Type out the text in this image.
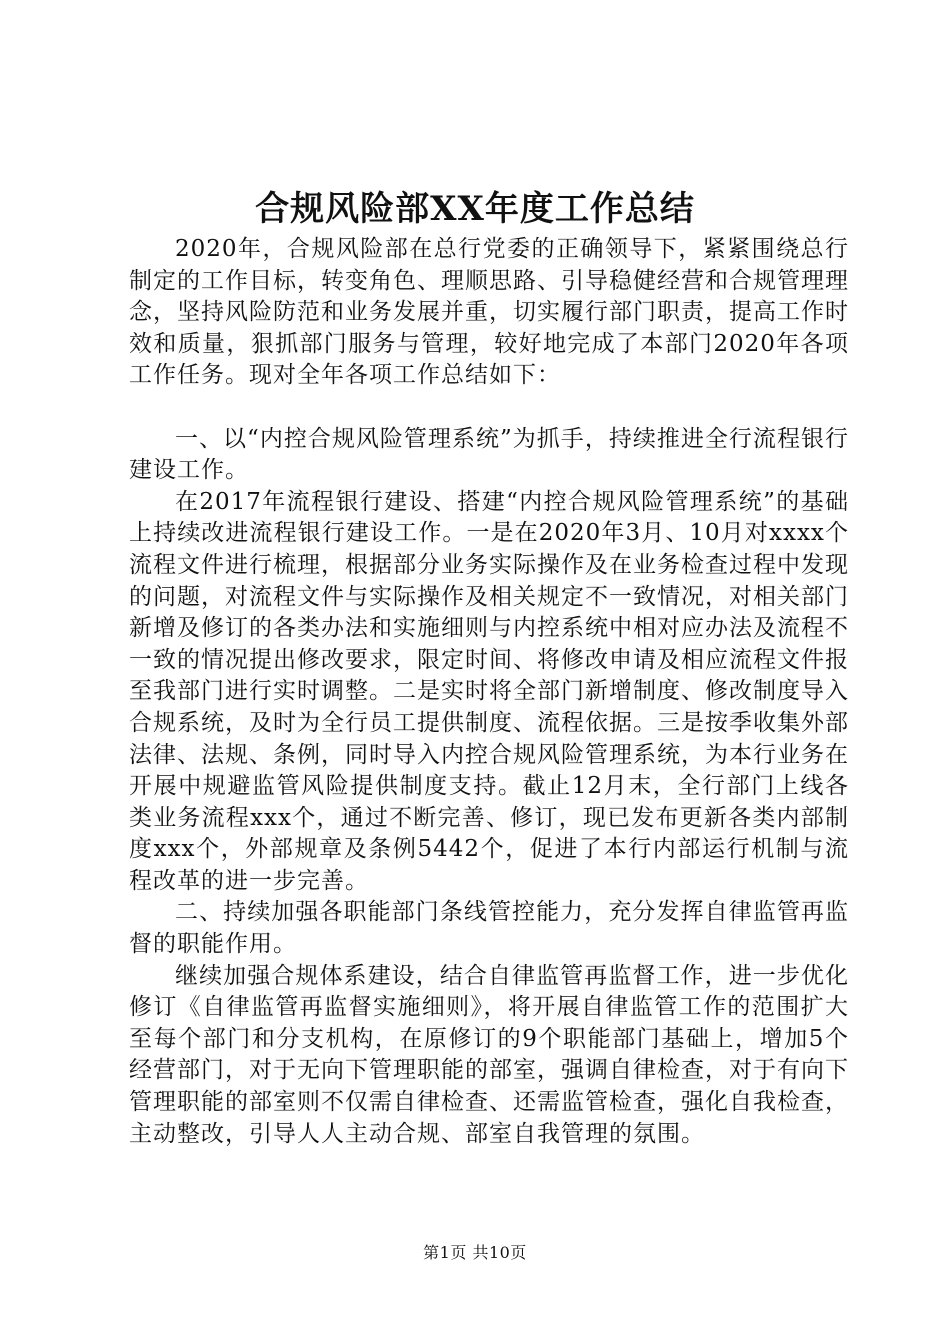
合规风险部XX年度工作总结

2020年，合规风险部在总行党委的正确领导下，紧紧围绕总行制定的工作目标，转变角色、理顺思路、引导稳健经营和合规管理理念，坚持风险防范和业务发展并重，切实履行部门职责，提高工作时效和质量，狠抓部门服务与管理，较好地完成了本部门2020年各项工作任务。现对全年各项工作总结如下：

一、以“内控合规风险管理系统”为抓手，持续推进全行流程银行建设工作。

在2017年流程银行建设、搭建“内控合规风险管理系统”的基础上持续改进流程银行建设工作。一是在2020年3月、10月对xxxx个流程文件进行梳理，根据部分业务实际操作及在业务检查过程中发现的问题，对流程文件与实际操作及相关规定不一致情况，对相关部门新增及修订的各类办法和实施细则与内控系统中相对应办法及流程不一致的情况提出修改要求，限定时间、将修改申请及相应流程文件报至我部门进行实时调整。二是实时将全部门新增制度、修改制度导入合规系统，及时为全行员工提供制度、流程依据。三是按季收集外部法律、法规、条例，同时导入内控合规风险管理系统，为本行业务在开展中规避监管风险提供制度支持。截止12月末，全行部门上线各类业务流程xxx个，通过不断完善、修订，现已发布更新各类内部制度xxx个，外部规章及条例5442个，促进了本行内部运行机制与流程改革的进一步完善。

二、持续加强各职能部门条线管控能力，充分发挥自律监管再监督的职能作用。

继续加强合规体系建设，结合自律监管再监督工作，进一步优化修订《自律监管再监督实施细则》，将开展自律监管工作的范围扩大至每个部门和分支机构，在原修订的9个职能部门基础上，增加5个经营部门，对于无向下管理职能的部室，强调自律检查，对于有向下管理职能的部室则不仅需自律检查、还需监管检查，强化自我检查，主动整改，引导人人主动合规、部室自我管理的氛围。

第1页 共10页
